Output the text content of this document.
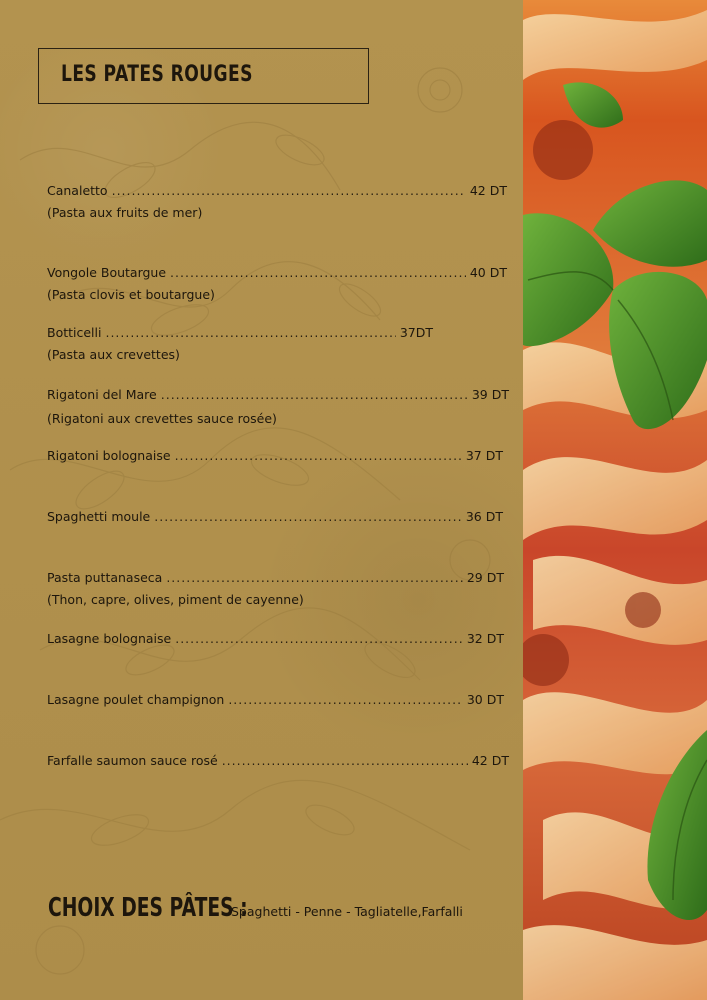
LES PATES ROUGES
Canaletto .....	42 DT
(Pasta aux fruits de mer)
Vongole Boutargue .....	40 DT
(Pasta clovis et boutargue)
Botticelli .....	37DT
(Pasta aux crevettes)
Rigatoni del Mare .....	39 DT
(Rigatoni aux crevettes sauce rosée)
Rigatoni bolognaise .....	37 DT
Spaghetti moule .....	36 DT
Pasta puttanaseca .....	29 DT
(Thon, capre, olives, piment de cayenne)
Lasagne bolognaise .....	32 DT
Lasagne poulet champignon .....	30 DT
Farfalle saumon sauce rosé .....	42 DT
CHOIX DES PÂTES :
Spaghetti - Penne - Tagliatelle,Farfalli
